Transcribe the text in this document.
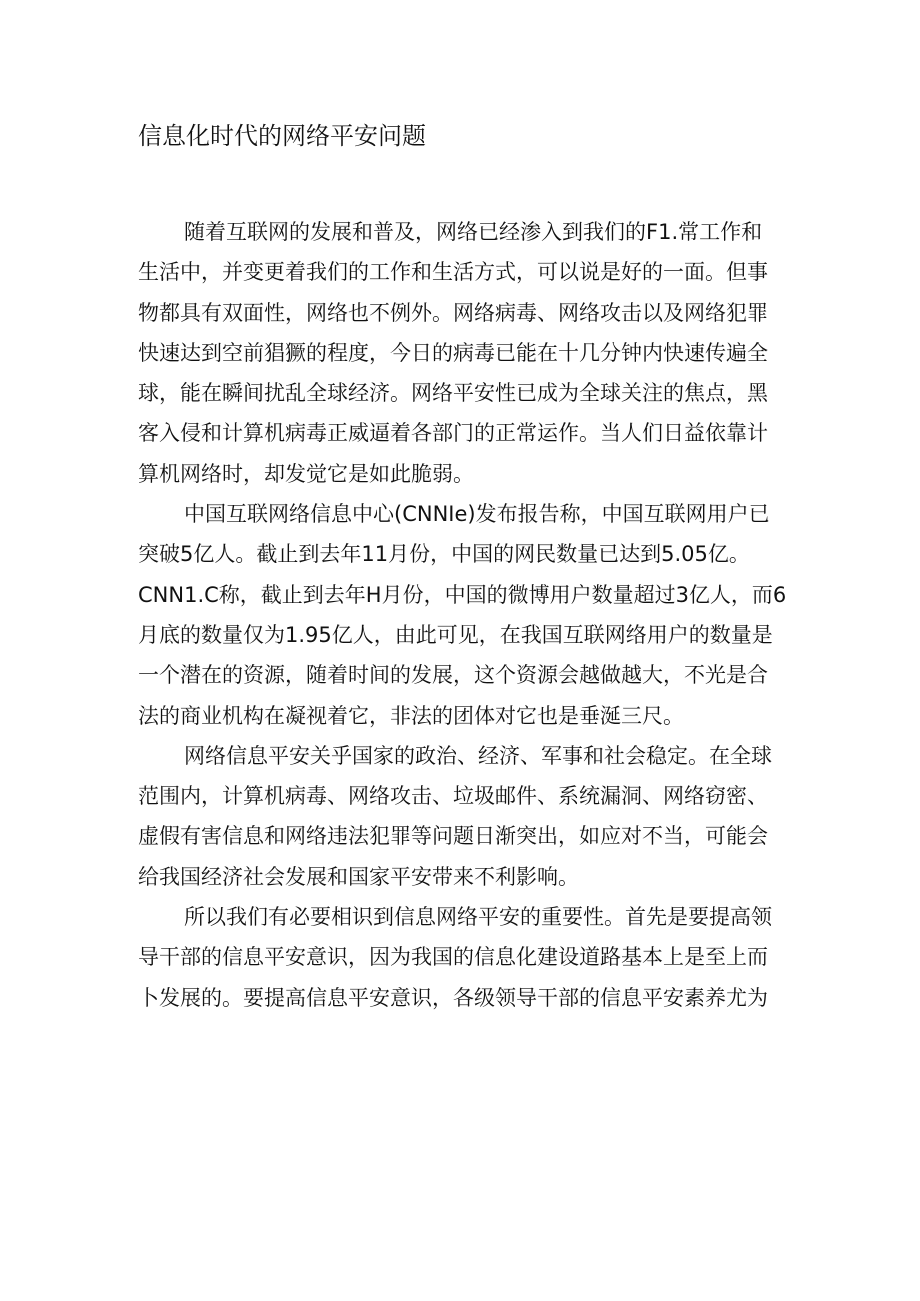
信息化时代的网络平安问题
随着互联网的发展和普及，网络已经渗入到我们的F1.常工作和
生活中，并变更着我们的工作和生活方式，可以说是好的一面。但事
物都具有双面性，网络也不例外。网络病毒、网络攻击以及网络犯罪
快速达到空前猖獗的程度，今日的病毒已能在十几分钟内快速传遍全
球，能在瞬间扰乱全球经济。网络平安性已成为全球关注的焦点，黑
客入侵和计算机病毒正威逼着各部门的正常运作。当人们日益依靠计
算机网络时，却发觉它是如此脆弱。
中国互联网络信息中心(CNNIe)发布报告称，中国互联网用户已
突破5亿人。截止到去年11月份，中国的网民数量已达到5.05亿。
CNN1.C称，截止到去年H月份，中国的微博用户数量超过3亿人，而6
月底的数量仅为1.95亿人，由此可见，在我国互联网络用户的数量是
一个潜在的资源，随着时间的发展，这个资源会越做越大，不光是合
法的商业机构在凝视着它，非法的团体对它也是垂涎三尺。
网络信息平安关乎国家的政治、经济、军事和社会稳定。在全球
范围内，计算机病毒、网络攻击、垃圾邮件、系统漏洞、网络窃密、
虚假有害信息和网络违法犯罪等问题日渐突出，如应对不当，可能会
给我国经济社会发展和国家平安带来不利影响。
所以我们有必要相识到信息网络平安的重要性。首先是要提高领
导干部的信息平安意识，因为我国的信息化建设道路基本上是至上而
卜发展的。要提高信息平安意识，各级领导干部的信息平安素养尤为
